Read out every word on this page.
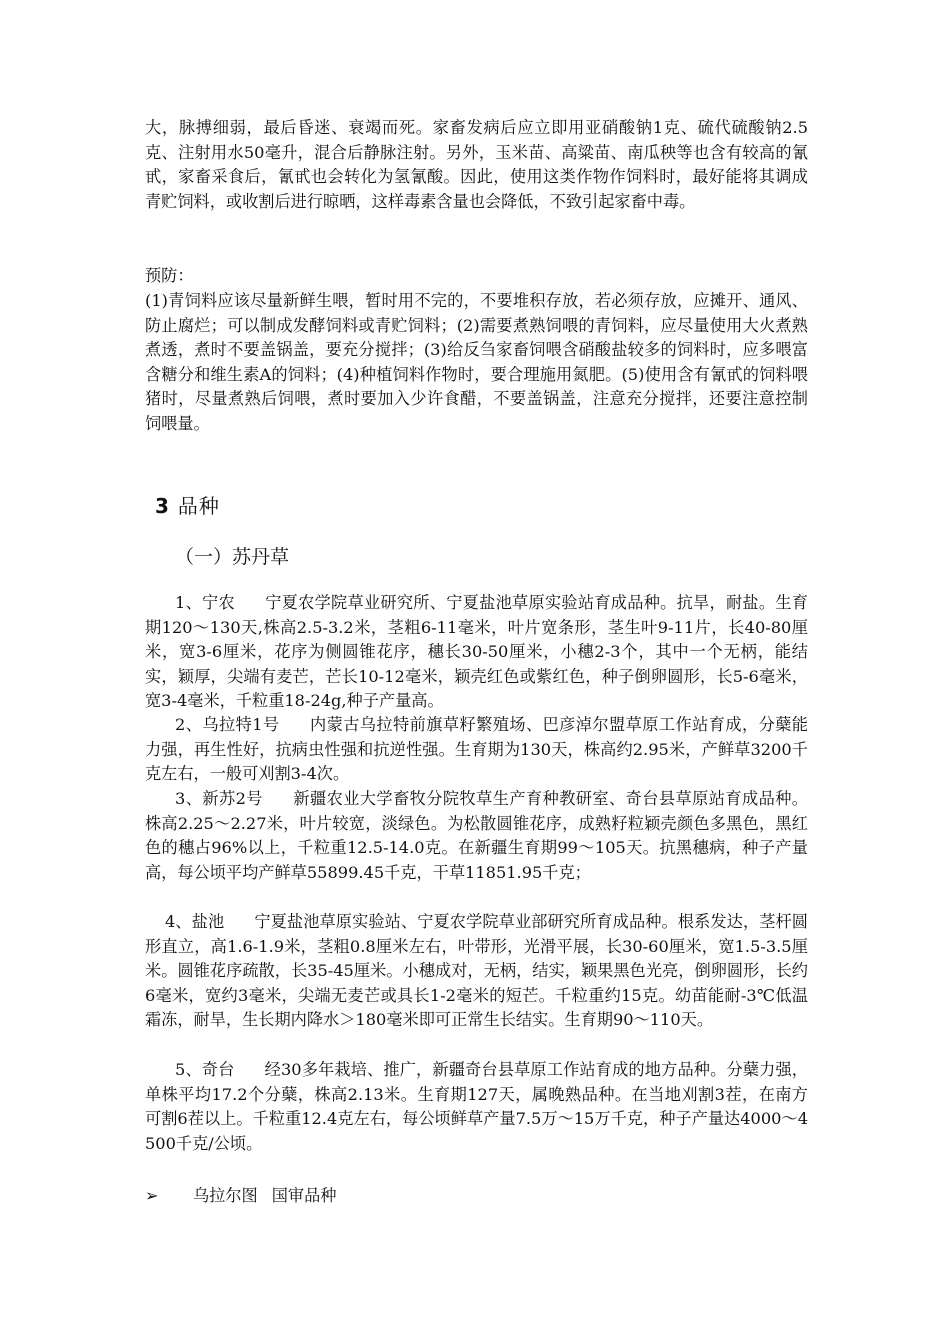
大，脉搏细弱，最后昏迷、衰竭而死。家畜发病后应立即用亚硝酸钠1克、硫代硫酸钠2.5克、注射用水50毫升，混合后静脉注射。另外，玉米苗、高粱苗、南瓜秧等也含有较高的氰甙，家畜采食后，氰甙也会转化为氢氰酸。因此，使用这类作物作饲料时，最好能将其调成青贮饲料，或收割后进行晾晒，这样毒素含量也会降低，不致引起家畜中毒。
预防：
(1)青饲料应该尽量新鲜生喂，暂时用不完的，不要堆积存放，若必须存放，应摊开、通风、防止腐烂；可以制成发酵饲料或青贮饲料；(2)需要煮熟饲喂的青饲料，应尽量使用大火煮熟煮透，煮时不要盖锅盖，要充分搅拌；(3)给反刍家畜饲喂含硝酸盐较多的饲料时，应多喂富含糖分和维生素A的饲料；(4)种植饲料作物时，要合理施用氮肥。(5)使用含有氰甙的饲料喂猪时，尽量煮熟后饲喂，煮时要加入少许食醋，不要盖锅盖，注意充分搅拌，还要注意控制饲喂量。
3 品种
（一）苏丹草
1、宁农 宁夏农学院草业研究所、宁夏盐池草原实验站育成品种。抗旱，耐盐。生育期120～130天,株高2.5-3.2米，茎粗6-11毫米，叶片宽条形，茎生叶9-11片，长40-80厘米，宽3-6厘米，花序为侧圆锥花序，穗长30-50厘米，小穗2-3个，其中一个无柄，能结实，颖厚，尖端有麦芒，芒长10-12毫米，颖壳红色或紫红色，种子倒卵圆形，长5-6毫米，宽3-4毫米，千粒重18-24g,种子产量高。
2、乌拉特1号 内蒙古乌拉特前旗草籽繁殖场、巴彦淖尔盟草原工作站育成，分蘖能力强，再生性好，抗病虫性强和抗逆性强。生育期为130天，株高约2.95米，产鲜草3200千克左右，一般可刈割3-4次。
3、新苏2号 新疆农业大学畜牧分院牧草生产育种教研室、奇台县草原站育成品种。株高2.25～2.27米，叶片较宽，淡绿色。为松散圆锥花序，成熟籽粒颖壳颜色多黑色，黑红色的穗占96%以上，千粒重12.5-14.0克。在新疆生育期99～105天。抗黑穗病，种子产量高，每公顷平均产鲜草55899.45千克，干草11851.95千克；
4、盐池 宁夏盐池草原实验站、宁夏农学院草业部研究所育成品种。根系发达，茎杆圆形直立，高1.6-1.9米，茎粗0.8厘米左右，叶带形，光滑平展，长30-60厘米，宽1.5-3.5厘米。圆锥花序疏散，长35-45厘米。小穗成对，无柄，结实，颖果黑色光亮，倒卵圆形，长约6毫米，宽约3毫米，尖端无麦芒或具长1-2毫米的短芒。千粒重约15克。幼苗能耐-3℃低温霜冻，耐旱，生长期内降水＞180毫米即可正常生长结实。生育期90～110天。
5、奇台 经30多年栽培、推广，新疆奇台县草原工作站育成的地方品种。分蘖力强，单株平均17.2个分蘖，株高2.13米。生育期127天，属晚熟品种。在当地刈割3茬，在南方可割6茬以上。千粒重12.4克左右，每公顷鲜草产量7.5万～15万千克，种子产量达4000～4500千克/公顷。
➢ 乌拉尔图 国审品种
